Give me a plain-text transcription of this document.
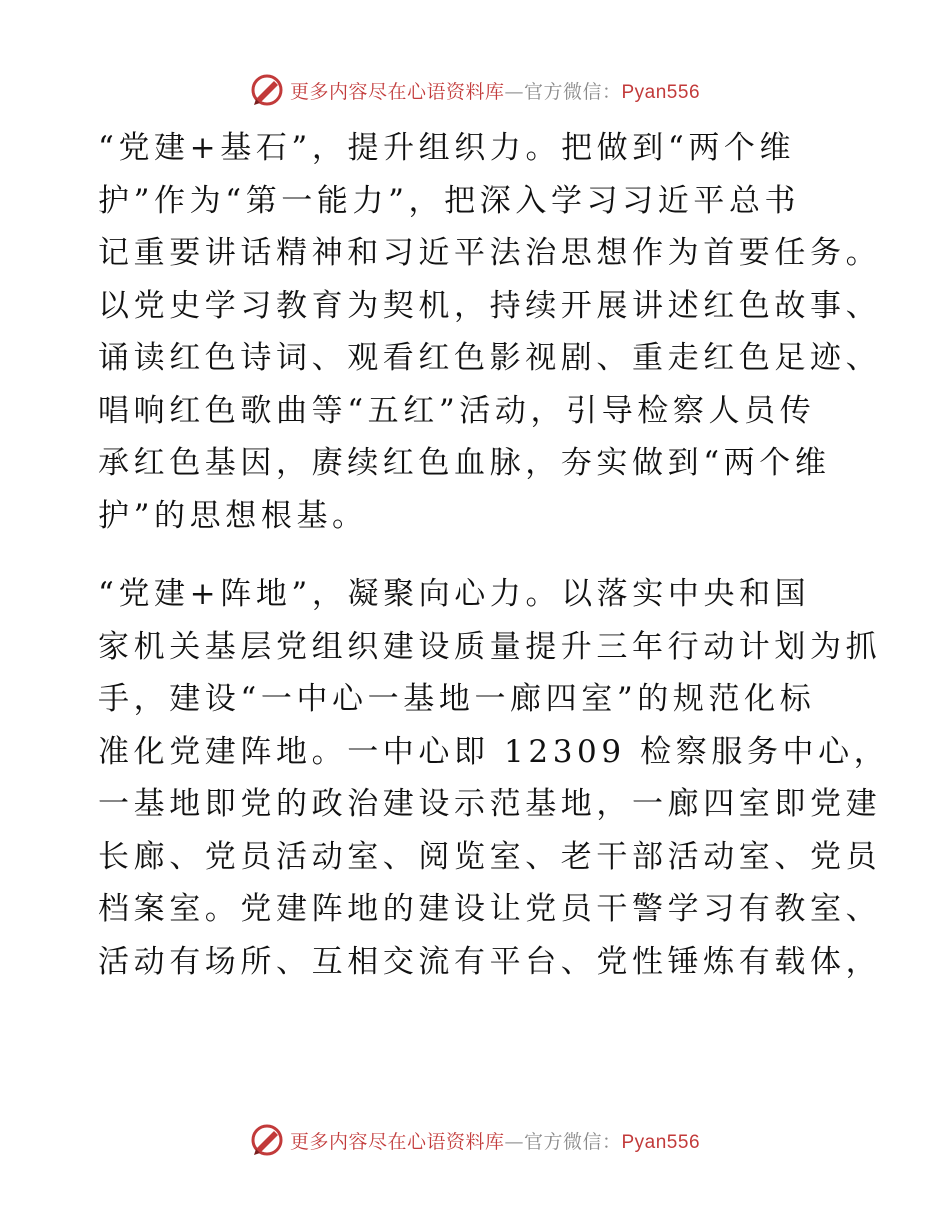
更多内容尽在心语资料库—官方微信：Pyan556

“党建+基石”，提升组织力。把做到“两个维
护”作为“第一能力”，把深入学习习近平总书
记重要讲话精神和习近平法治思想作为首要任务。
以党史学习教育为契机，持续开展讲述红色故事、
诵读红色诗词、观看红色影视剧、重走红色足迹、
唱响红色歌曲等“五红”活动，引导检察人员传
承红色基因，赓续红色血脉，夯实做到“两个维
护”的思想根基。

“党建+阵地”，凝聚向心力。以落实中央和国
家机关基层党组织建设质量提升三年行动计划为抓
手，建设“一中心一基地一廊四室”的规范化标
准化党建阵地。一中心即 12309 检察服务中心，
一基地即党的政治建设示范基地，一廊四室即党建
长廊、党员活动室、阅览室、老干部活动室、党员
档案室。党建阵地的建设让党员干警学习有教室、
活动有场所、互相交流有平台、党性锤炼有载体，

更多内容尽在心语资料库—官方微信：Pyan556
